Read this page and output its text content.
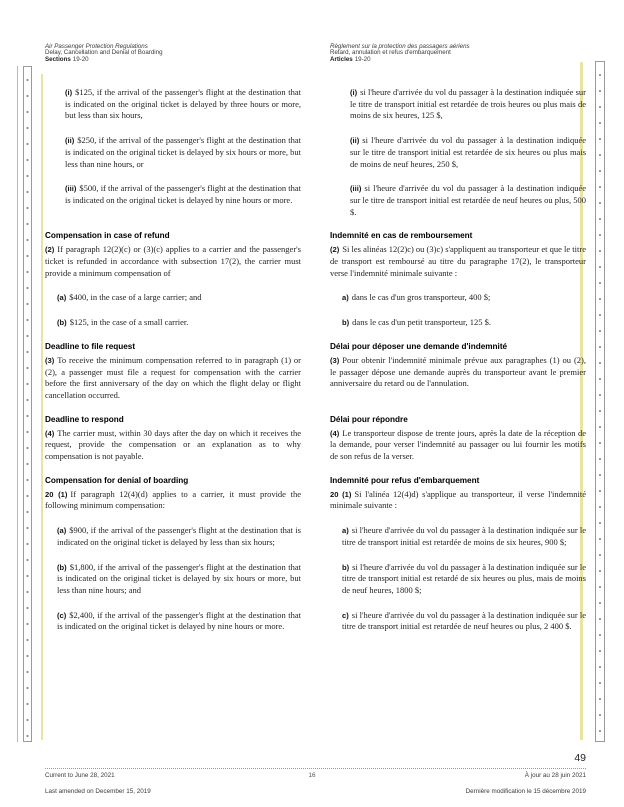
Air Passenger Protection Regulations
Delay, Cancellation and Denial of Boarding
Sections 19-20
Règlement sur la protection des passagers aériens
Retard, annulation et refus d'embarquement
Articles 19-20
(i) $125, if the arrival of the passenger's flight at the destination that is indicated on the original ticket is delayed by three hours or more, but less than six hours,
(ii) $250, if the arrival of the passenger's flight at the destination that is indicated on the original ticket is delayed by six hours or more, but less than nine hours, or
(iii) $500, if the arrival of the passenger's flight at the destination that is indicated on the original ticket is delayed by nine hours or more.
(i) si l'heure d'arrivée du vol du passager à la destination indiquée sur le titre de transport initial est retardée de trois heures ou plus mais de moins de six heures, 125 $,
(ii) si l'heure d'arrivée du vol du passager à la destination indiquée sur le titre de transport initial est retardée de six heures ou plus mais de moins de neuf heures, 250 $,
(iii) si l'heure d'arrivée du vol du passager à la destination indiquée sur le titre de transport initial est retardée de neuf heures ou plus, 500 $.
Compensation in case of refund	Indemnité en cas de remboursement
(2) If paragraph 12(2)(c) or (3)(c) applies to a carrier and the passenger's ticket is refunded in accordance with subsection 17(2), the carrier must provide a minimum compensation of
(a) $400, in the case of a large carrier; and
(b) $125, in the case of a small carrier.
(2) Si les alinéas 12(2)c) ou (3)c) s'appliquent au transporteur et que le titre de transport est remboursé au titre du paragraphe 17(2), le transporteur verse l'indemnité minimale suivante :
a) dans le cas d'un gros transporteur, 400 $;
b) dans le cas d'un petit transporteur, 125 $.
Deadline to file request	Délai pour déposer une demande d'indemnité
(3) To receive the minimum compensation referred to in paragraph (1) or (2), a passenger must file a request for compensation with the carrier before the first anniversary of the day on which the flight delay or flight cancellation occurred.
(3) Pour obtenir l'indemnité minimale prévue aux paragraphes (1) ou (2), le passager dépose une demande auprès du transporteur avant le premier anniversaire du retard ou de l'annulation.
Deadline to respond	Délai pour répondre
(4) The carrier must, within 30 days after the day on which it receives the request, provide the compensation or an explanation as to why compensation is not payable.
(4) Le transporteur dispose de trente jours, après la date de la réception de la demande, pour verser l'indemnité au passager ou lui fournir les motifs de son refus de la verser.
Compensation for denial of boarding	Indemnité pour refus d'embarquement
20 (1) If paragraph 12(4)(d) applies to a carrier, it must provide the following minimum compensation:
(a) $900, if the arrival of the passenger's flight at the destination that is indicated on the original ticket is delayed by less than six hours;
(b) $1,800, if the arrival of the passenger's flight at the destination that is indicated on the original ticket is delayed by six hours or more, but less than nine hours; and
(c) $2,400, if the arrival of the passenger's flight at the destination that is indicated on the original ticket is delayed by nine hours or more.
20 (1) Si l'alinéa 12(4)d) s'applique au transporteur, il verse l'indemnité minimale suivante :
a) si l'heure d'arrivée du vol du passager à la destination indiquée sur le titre de transport initial est retardée de moins de six heures, 900 $;
b) si l'heure d'arrivée du vol du passager à la destination indiquée sur le titre de transport initial est retardé de six heures ou plus, mais de moins de neuf heures, 1800 $;
c) si l'heure d'arrivée du vol du passager à la destination indiquée sur le titre de transport initial est retardée de neuf heures ou plus, 2 400 $.
49
Current to June 28, 2021
Last amended on December 15, 2019
16	À jour au 28 juin 2021
Dernière modification le 15 décembre 2019
